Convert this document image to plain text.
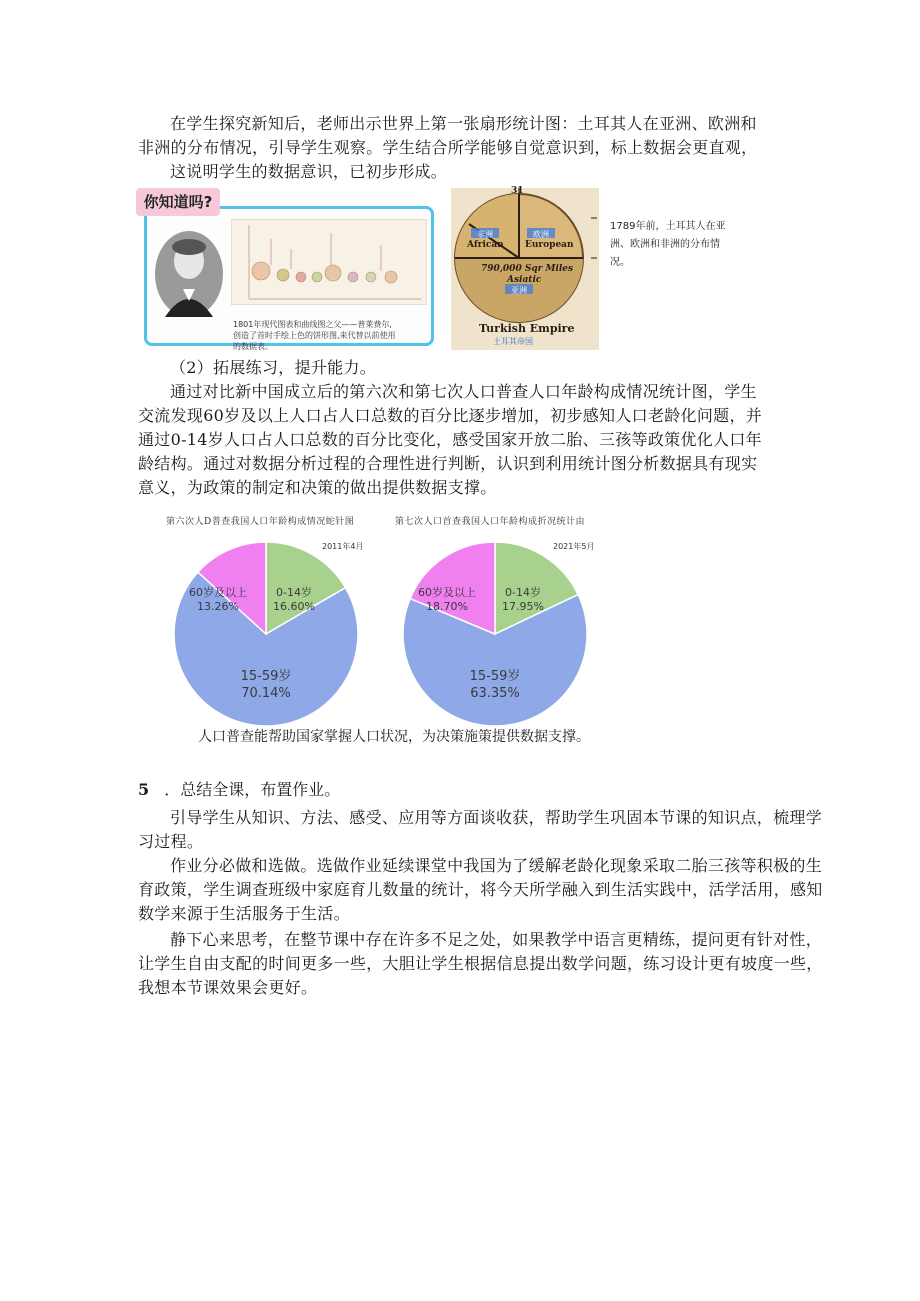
在学生探究新知后，老师出示世界上第一张扇形统计图：土耳其人在亚洲、欧洲和
非洲的分布情况，引导学生观察。学生结合所学能够自觉意识到，标上数据会更直观，
这说明学生的数据意识，已初步形成。

1801年现代图表和曲线图之父——普莱费尔,
创造了首时手绘上色的饼形图,来代替以前使用
的数据表。
你知道吗?
31
非洲	欧洲
African European
790,000 Sqr Miles
Asiatic
亚洲
Turkish Empire
土耳其帝国
1789年前，土耳其人在亚洲、欧洲和非洲的分布情况。

（2）拓展练习，提升能力。

通过对比新中国成立后的第六次和第七次人口普查人口年龄构成情况统计图，学生
交流发现60岁及以上人口占人口总数的百分比逐步增加，初步感知人口老龄化问题，并
通过0-14岁人口占人口总数的百分比变化，感受国家开放二胎、三孩等政策优化人口年
龄结构。通过对数据分析过程的合理性进行判断，认识到利用统计图分析数据具有现实
意义，为政策的制定和决策的做出提供数据支撑。

第六次人D普查我国人口年龄构成情况蛇针图
2011年4月
0-14岁
16.60%
15-59岁
70.14%
60岁及以上
13.26%
第七次人口首查我国人口年龄构成折况统计由
2021年5月
0-14岁
17.95%
15-59岁
63.35%
60岁及以上
18.70%
人口普查能帮助国家掌握人口状况，为决策施策提供数据支撑。
5 ．总结全课，布置作业。

引导学生从知识、方法、感受、应用等方面谈收获，帮助学生巩固本节课的知识点，梳理学
习过程。

作业分必做和选做。选做作业延续课堂中我国为了缓解老龄化现象采取二胎三孩等积极的生
育政策，学生调查班级中家庭育儿数量的统计，将今天所学融入到生活实践中，活学活用，感知
数学来源于生活服务于生活。

静下心来思考，在整节课中存在许多不足之处，如果教学中语言更精练，提问更有针对性，
让学生自由支配的时间更多一些，大胆让学生根据信息提出数学问题，练习设计更有坡度一些，
我想本节课效果会更好。
